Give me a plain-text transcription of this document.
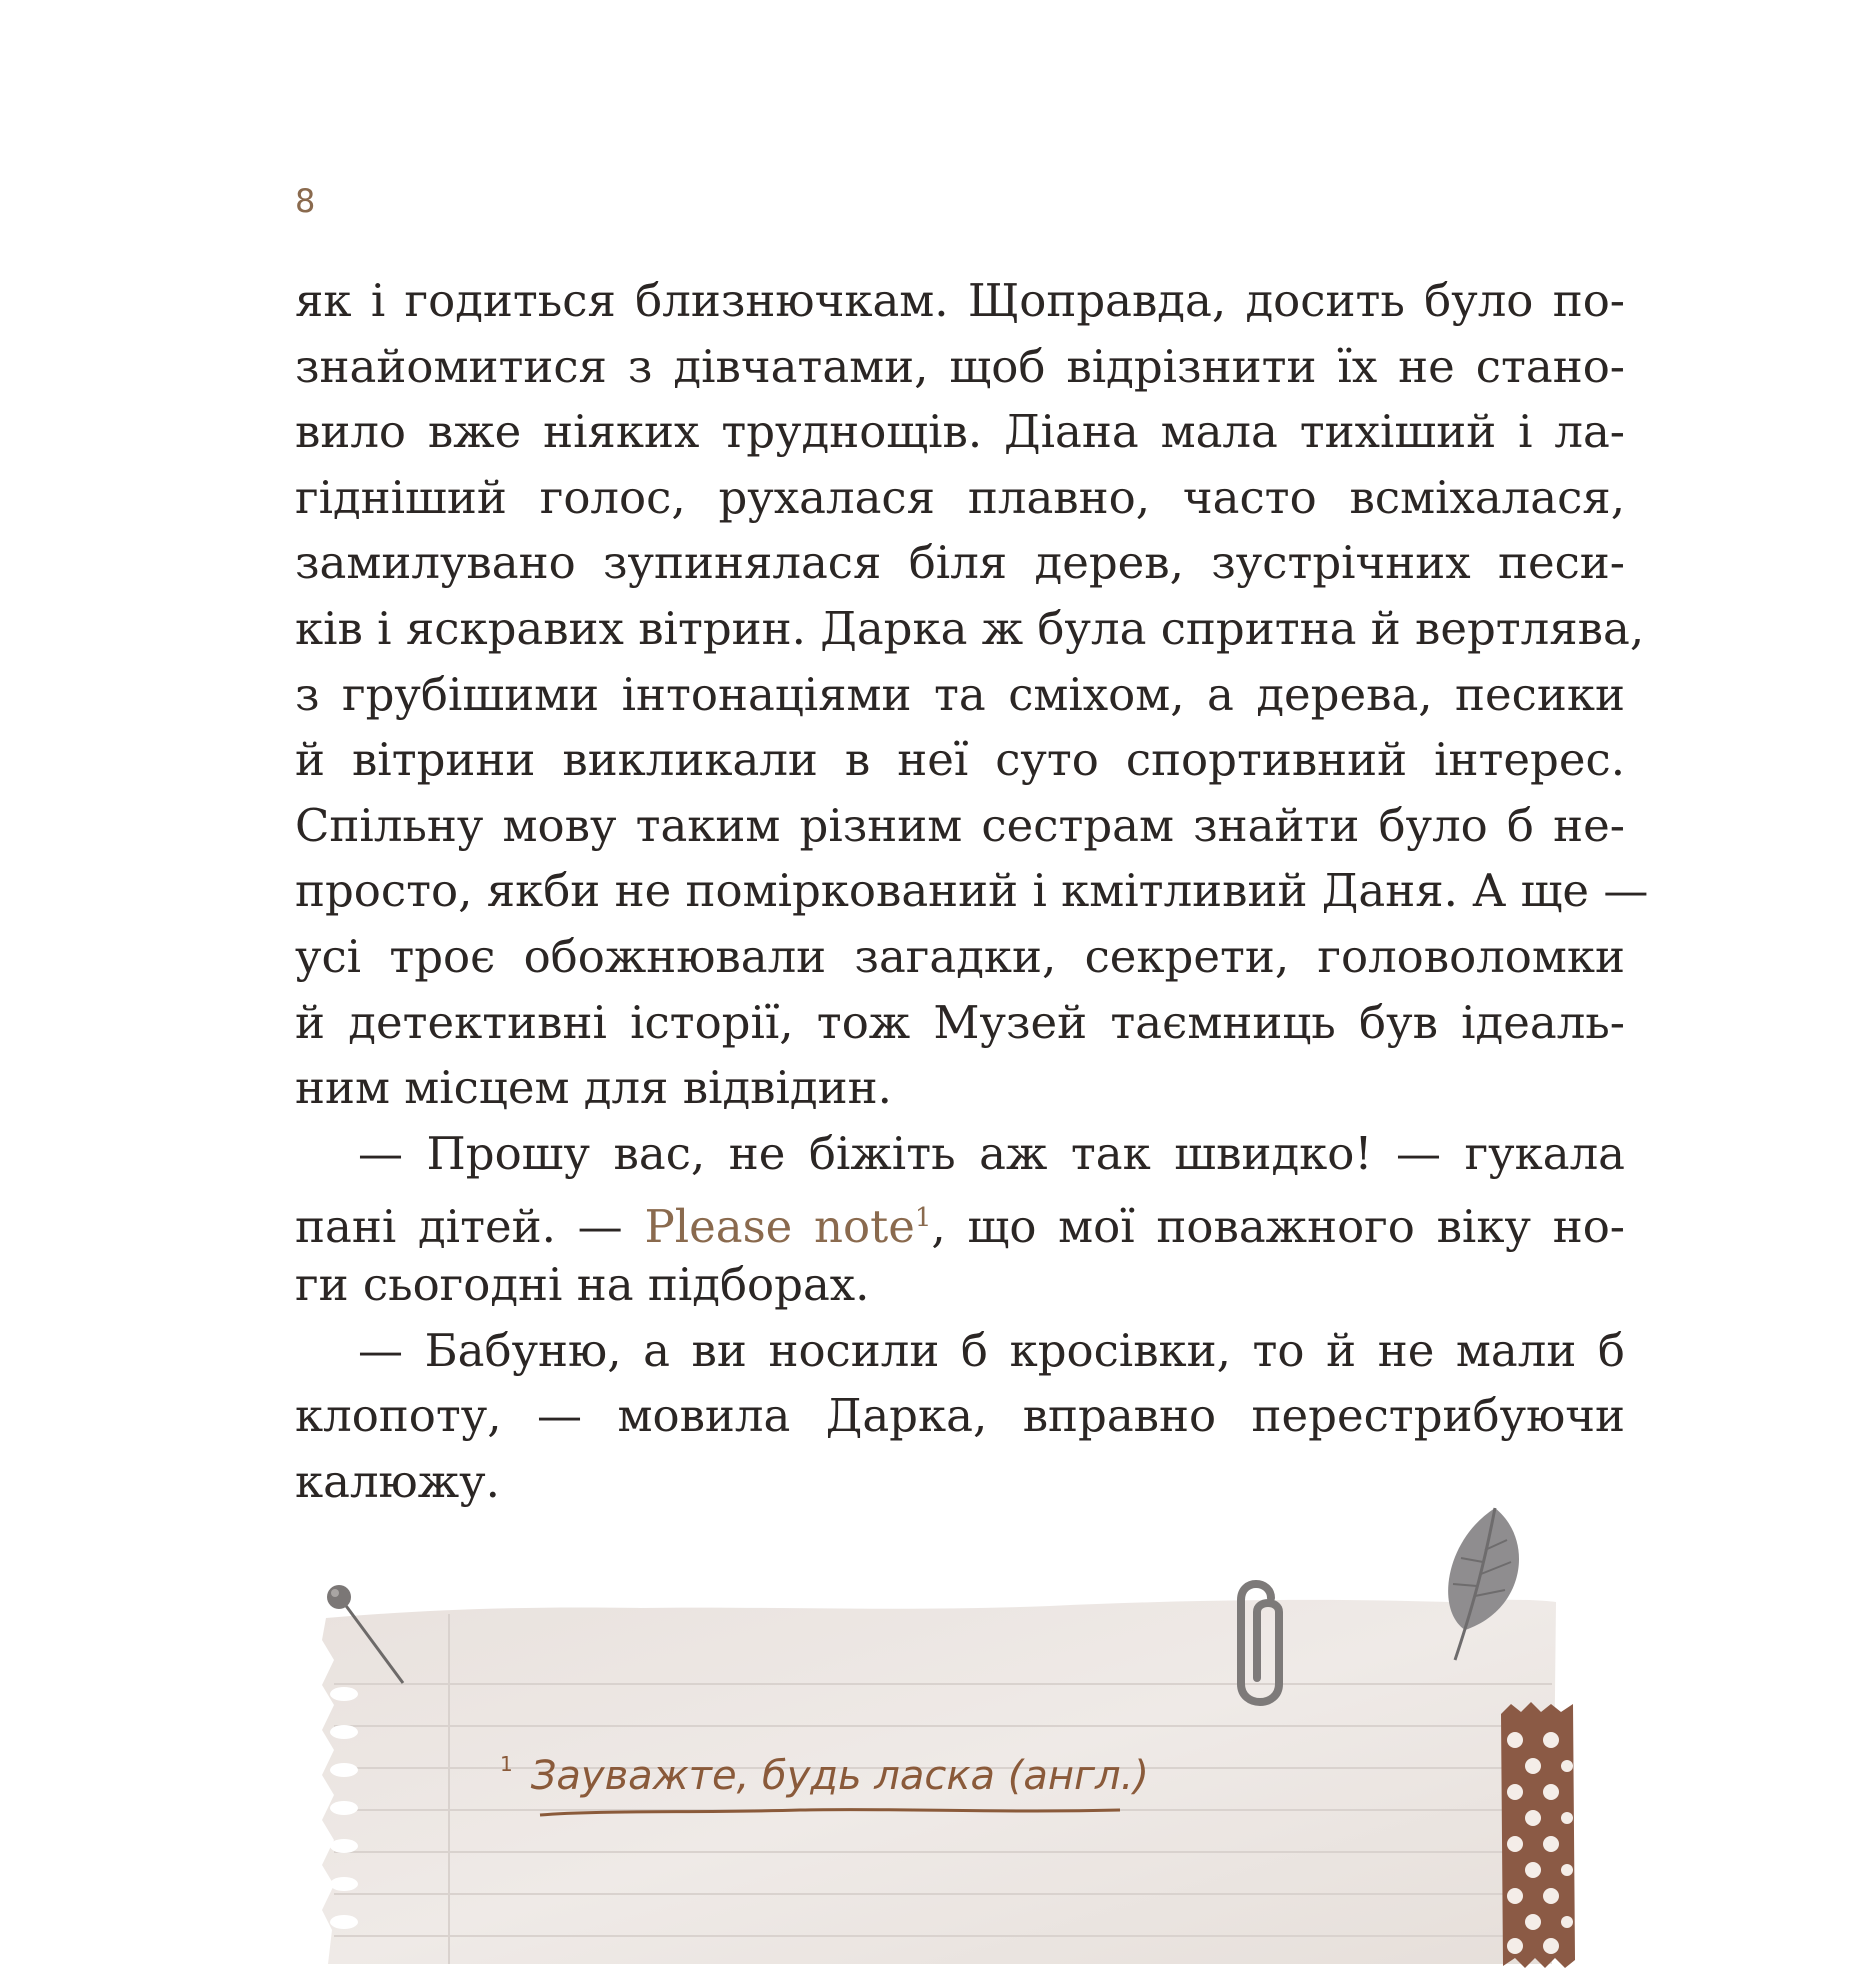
8
як і годиться близнючкам. Щоправда, досить було по-
знайомитися з дівчатами, щоб відрізнити їх не стано-
вило вже ніяких труднощів. Діана мала тихіший і ла-
гідніший голос, рухалася плавно, часто всміхалася,
замилувано зупинялася біля дерев, зустрічних песи-
ків і яскравих вітрин. Дарка ж була спритна й вертлява,
з грубішими інтонаціями та сміхом, а дерева, песики
й вітрини викликали в неї суто спортивний інтерес.
Спільну мову таким різним сестрам знайти було б не-
просто, якби не поміркований і кмітливий Даня. А ще —
усі троє обожнювали загадки, секрети, головоломки
й детективні історії, тож Музей таємниць був ідеаль-
ним місцем для відвідин.
— Прошу вас, не біжіть аж так швидко! — гукала
пані дітей. — Please note$^1$, що мої поважного віку но-
ги сьогодні на підборах.
— Бабуню, а ви носили б кросівки, то й не мали б
клопоту, — мовила Дарка, вправно перестрибуючи
калюжу.
$^1$ Зауважте, будь ласка (англ.)
